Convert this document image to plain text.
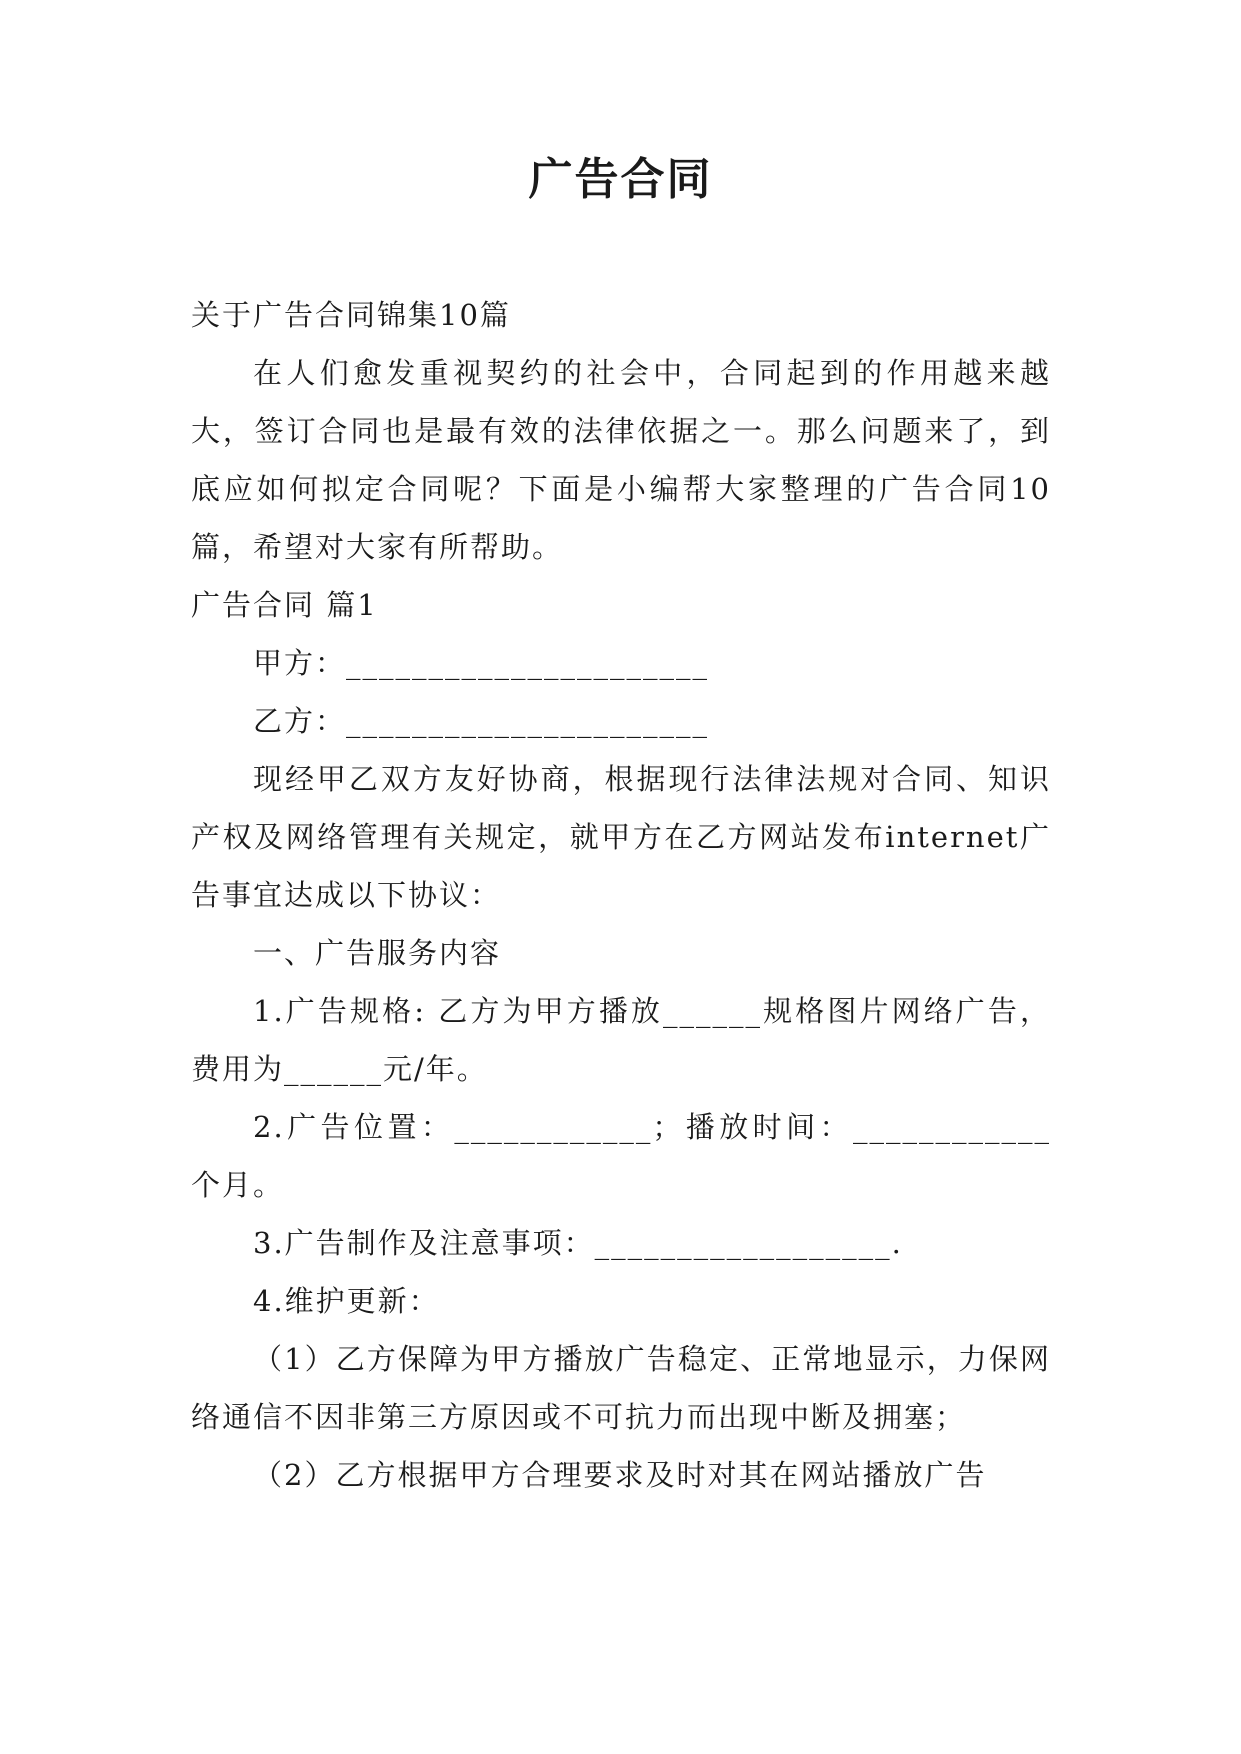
广告合同

关于广告合同锦集10篇

在人们愈发重视契约的社会中，合同起到的作用越来越大，签订合同也是最有效的法律依据之一。那么问题来了，到底应如何拟定合同呢？下面是小编帮大家整理的广告合同10篇，希望对大家有所帮助。

广告合同 篇1

甲方：______________________

乙方：______________________

现经甲乙双方友好协商，根据现行法律法规对合同、知识产权及网络管理有关规定，就甲方在乙方网站发布internet广告事宜达成以下协议：

一、广告服务内容

1.广告规格: 乙方为甲方播放______规格图片网络广告，费用为______元/年。

2.广告位置：____________；播放时间：____________个月。

3.广告制作及注意事项：__________________.

4.维护更新：

（1）乙方保障为甲方播放广告稳定、正常地显示，力保网络通信不因非第三方原因或不可抗力而出现中断及拥塞；

（2）乙方根据甲方合理要求及时对其在网站播放广告
